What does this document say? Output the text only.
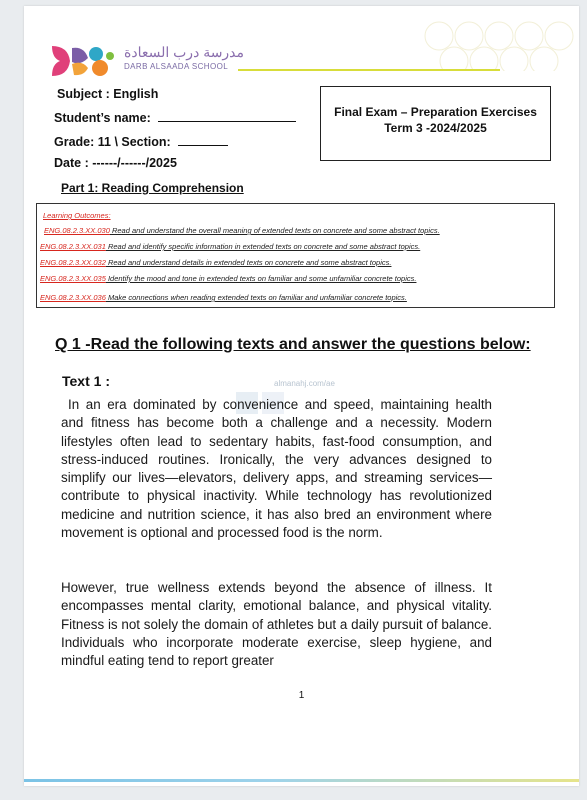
مدرسة درب السعادة
DARB ALSAADA SCHOOL
Subject : English
Student’s name:
Grade: 11 \ Section:
Date : ------/------/2025
Final Exam – Preparation Exercises
Term 3 -2024/2025
Part 1: Reading Comprehension
Learning Outcomes:
ENG.08.2.3.XX.030 Read and understand the overall meaning of extended texts on concrete and some abstract topics.
ENG.08.2.3.XX.031 Read and identify specific information in extended texts on concrete and some abstract topics.
ENG.08.2.3.XX.032 Read and understand details in extended texts on concrete and some abstract topics.
ENG.08.2.3.XX.035 Identify the mood and tone in extended texts on familiar and some unfamiliar concrete topics.
ENG.08.2.3.XX.036 Make connections when reading extended texts on familiar and unfamiliar concrete topics.
Q 1 -Read the following texts and answer the questions below:
Text 1 :	almanahj.com/ae
In an era dominated by convenience and speed, maintaining health and fitness has become both a challenge and a necessity. Modern lifestyles often lead to sedentary habits, fast-food consumption, and stress-induced routines. Ironically, the very advances designed to simplify our lives—elevators, delivery apps, and streaming services—contribute to physical inactivity. While technology has revolutionized medicine and nutrition science, it has also bred an environment where movement is optional and processed food is the norm.
However, true wellness extends beyond the absence of illness. It encompasses mental clarity, emotional balance, and physical vitality. Fitness is not solely the domain of athletes but a daily pursuit of balance. Individuals who incorporate moderate exercise, sleep hygiene, and mindful eating tend to report greater
1
